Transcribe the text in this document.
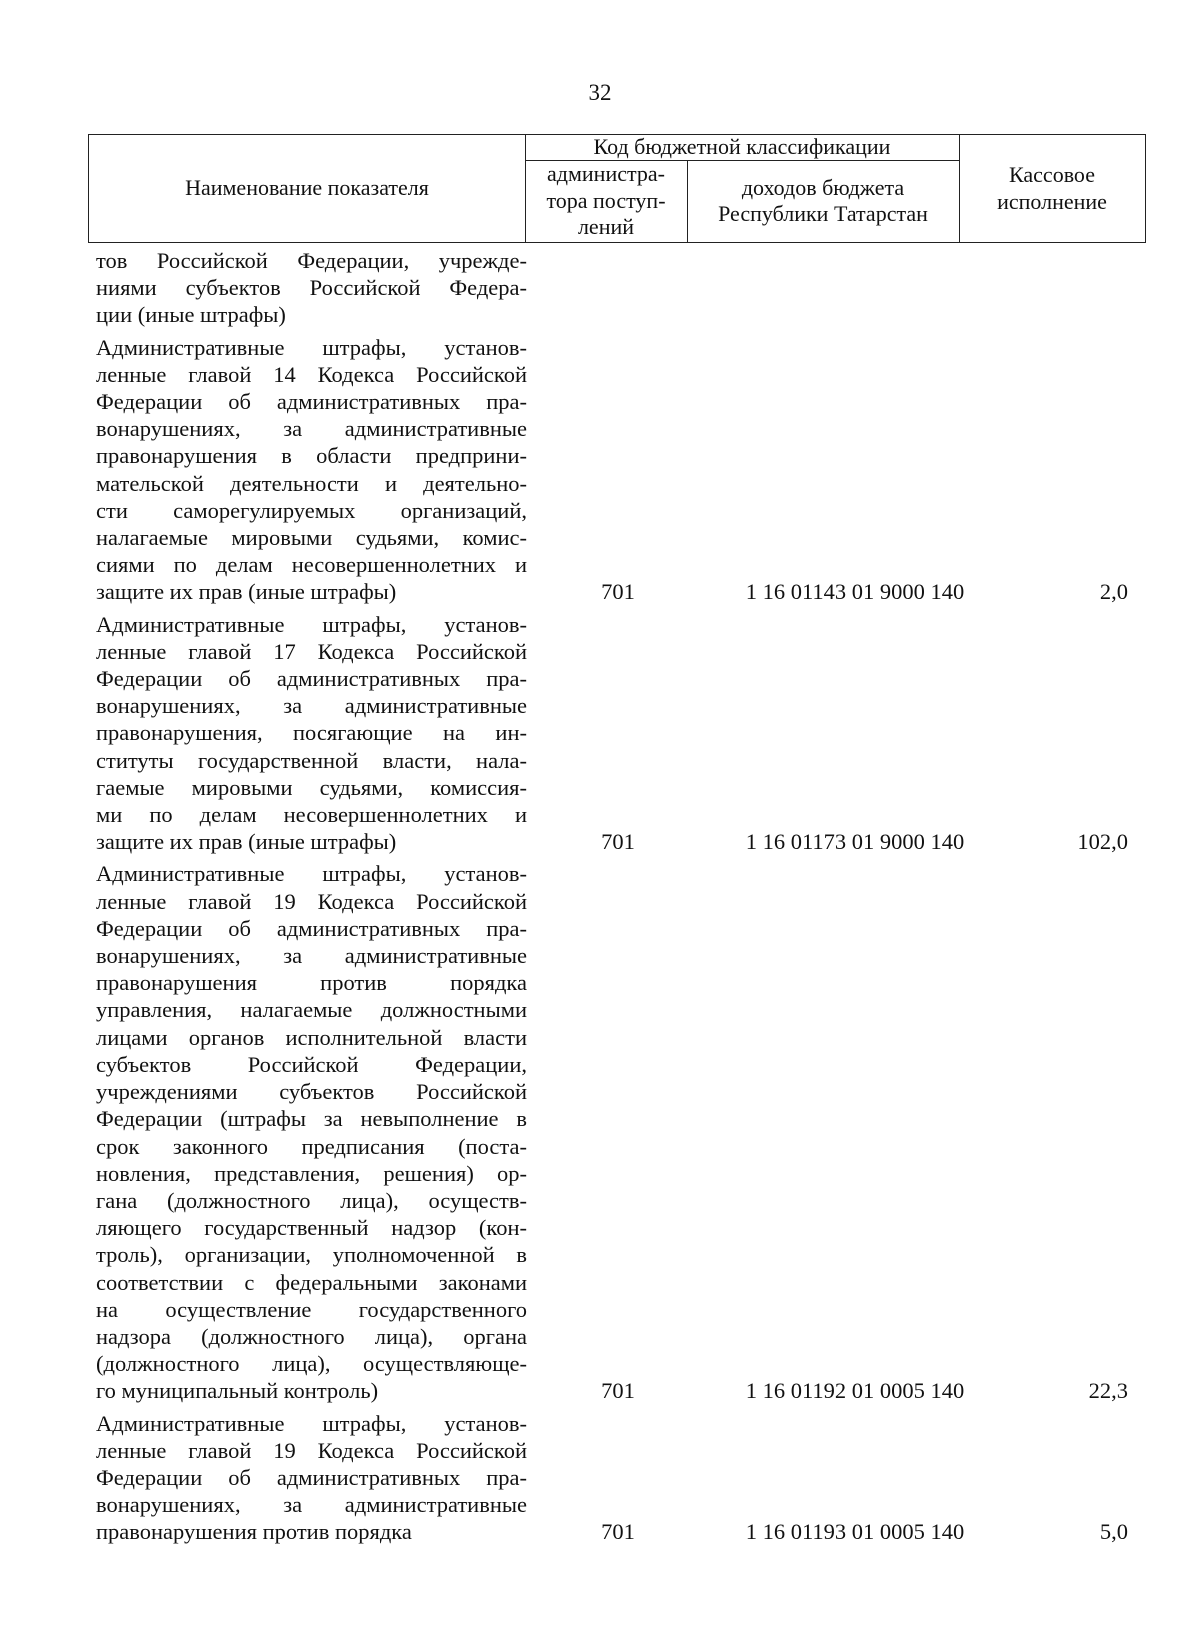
32
Наименование показателя
Код бюджетной классификации
администра-
тора поступ-
лений
доходов бюджета
Республики Татарстан
Кассовое
исполнение
тов Российской Федерации, учрежде-
ниями субъектов Российской Федера-
ции (иные штрафы)
Административные штрафы, установ-
ленные главой 14 Кодекса Российской
Федерации об административных пра-
вонарушениях, за административные
правонарушения в области предприни-
мательской деятельности и деятельно-
сти саморегулируемых организаций,
налагаемые мировыми судьями, комис-
сиями по делам несовершеннолетних и
защите их прав (иные штрафы)	701	1 16 01143 01 9000 140	2,0
Административные штрафы, установ-
ленные главой 17 Кодекса Российской
Федерации об административных пра-
вонарушениях, за административные
правонарушения, посягающие на ин-
ституты государственной власти, нала-
гаемые мировыми судьями, комиссия-
ми по делам несовершеннолетних и
защите их прав (иные штрафы)	701	1 16 01173 01 9000 140	102,0
Административные штрафы, установ-
ленные главой 19 Кодекса Российской
Федерации об административных пра-
вонарушениях, за административные
правонарушения против порядка
управления, налагаемые должностными
лицами органов исполнительной власти
субъектов Российской Федерации,
учреждениями субъектов Российской
Федерации (штрафы за невыполнение в
срок законного предписания (поста-
новления, представления, решения) ор-
гана (должностного лица), осуществ-
ляющего государственный надзор (кон-
троль), организации, уполномоченной в
соответствии с федеральными законами
на осуществление государственного
надзора (должностного лица), органа
(должностного лица), осуществляюще-
го муниципальный контроль)	701	1 16 01192 01 0005 140	22,3
Административные штрафы, установ-
ленные главой 19 Кодекса Российской
Федерации об административных пра-
вонарушениях, за административные
правонарушения против порядка	701	1 16 01193 01 0005 140	5,0
